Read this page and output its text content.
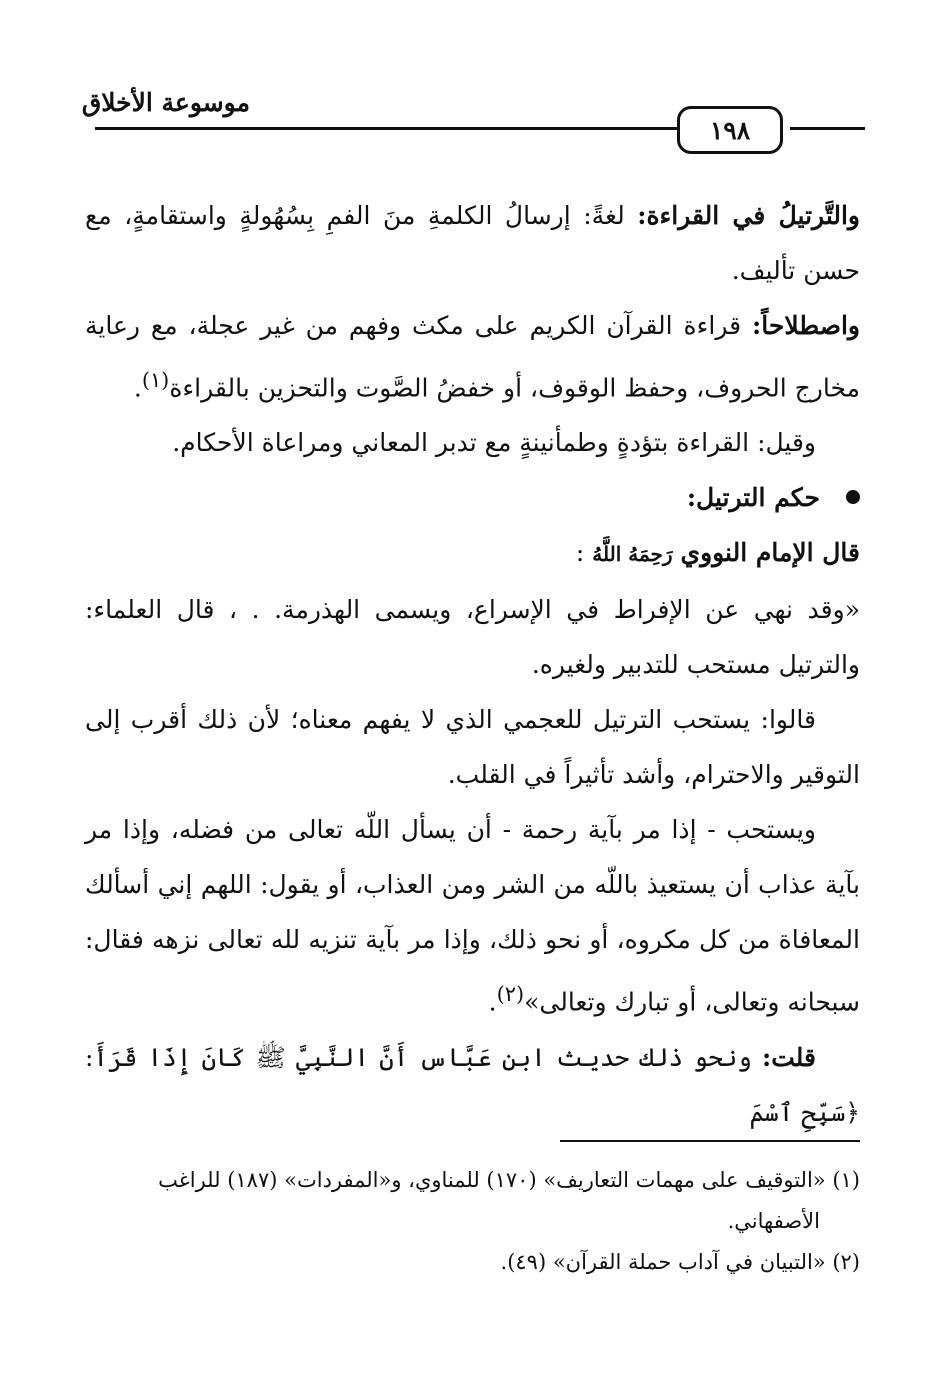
١٩٨
موسوعة الأخلاق

والتَّرتيلُ في القراءة: لغةً: إرسالُ الكلمةِ منَ الفمِ بِسُهُولةٍ واستقامةٍ، مع حسن تأليف.

واصطلاحاً: قراءة القرآن الكريم على مكث وفهم من غير عجلة، مع رعاية مخارج الحروف، وحفظ الوقوف، أو خفضُ الصَّوت والتحزين بالقراءة$^{(١)}$.

وقيل: القراءة بتؤدةٍ وطمأنينةٍ مع تدبر المعاني ومراعاة الأحكام.

حكم الترتيل:

قال الإمام النووي رَحِمَهُ اللَّهُ :

«وقد نهي عن الإفراط في الإسراع، ويسمى الهذرمة. . ، قال العلماء: والترتيل مستحب للتدبير ولغيره.

قالوا: يستحب الترتيل للعجمي الذي لا يفهم معناه؛ لأن ذلك أقرب إلى التوقير والاحترام، وأشد تأثيراً في القلب.

ويستحب - إذا مر بآية رحمة - أن يسأل اللّه تعالى من فضله، وإذا مر بآية عذاب أن يستعيذ باللّه من الشر ومن العذاب، أو يقول: اللهم إني أسألك المعافاة من كل مكروه، أو نحو ذلك، وإذا مر بآية تنزيه لله تعالى نزهه فقال: سبحانه وتعالى، أو تبارك وتعالى»$^{(٢)}$.

قلت: ونحو ذلك حديث ابن عَبَّاس أَنَّ النَّبِيَّ ﷺ كَانَ إِذَا قَرَأَ: ﴿سَبِّحِ ٱسْمَ

(١) «التوقيف على مهمات التعاريف» (١٧٠) للمناوي، و«المفردات» (١٨٧) للراغب

الأصفهاني.

(٢) «التبيان في آداب حملة القرآن» (٤٩).
